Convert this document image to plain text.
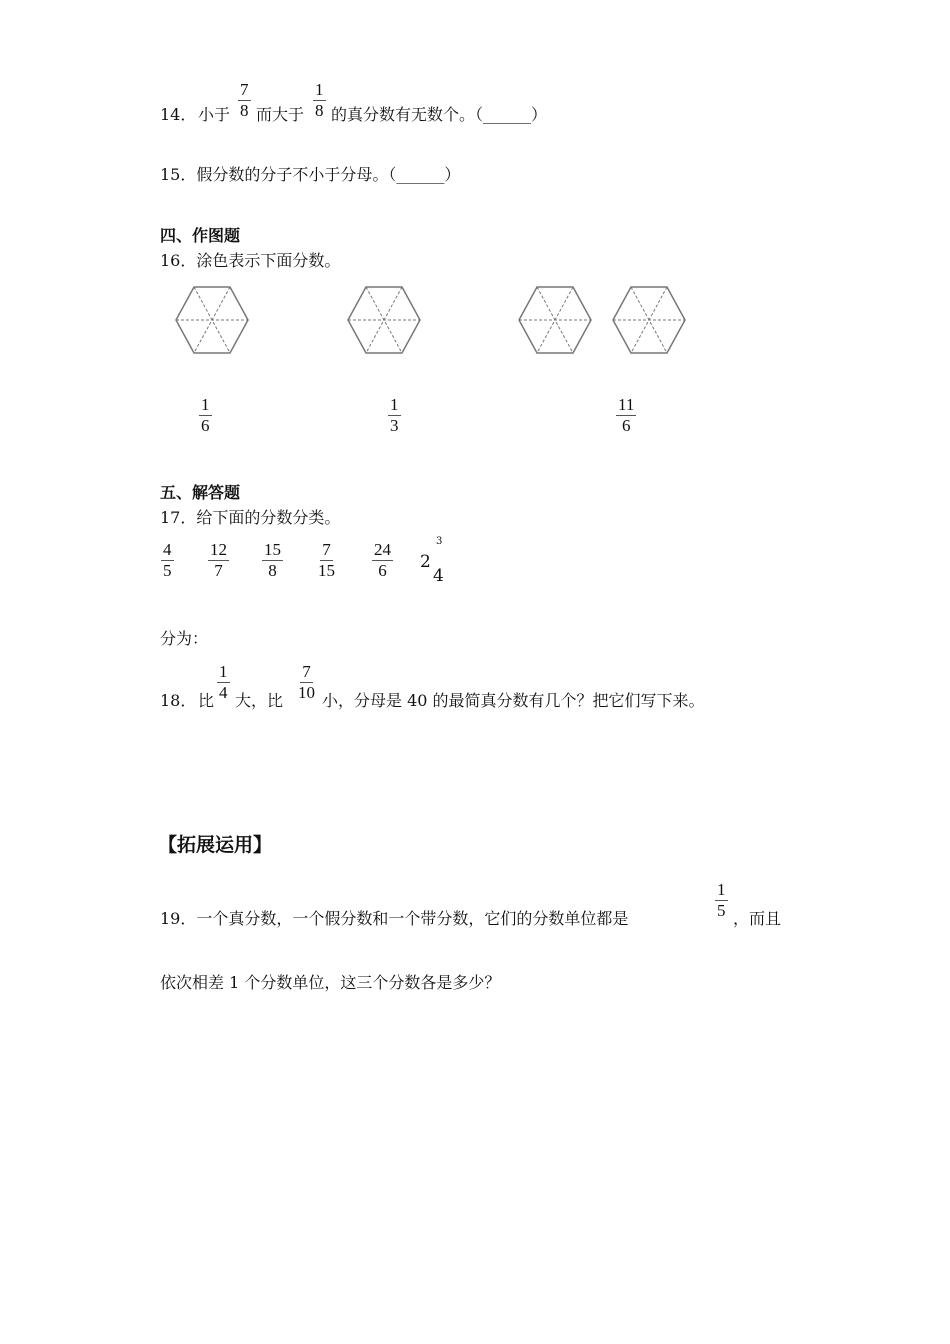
14． 小于 $\frac{7}{8}$ 而大于 $\frac{1}{8}$ 的真分数有无数个。（______）
15．假分数的分子不小于分母。（______）
四、作图题
16．涂色表示下面分数。
$\frac{1}{6}$	$\frac{1}{3}$	$\frac{11}{6}$
五、解答题
17．给下面的分数分类。
$\frac{4}{5} \frac{12}{7} \frac{15}{8} \frac{7}{15} \frac{24}{6} 2$
3
4
分为：
18． 比 $\frac{1}{4}$ 大，比 $\frac{7}{10}$ 小，分母是 40 的最简真分数有几个？把它们写下来。
【拓展运用】
19．一个真分数，一个假分数和一个带分数，它们的分数单位都是	$\frac{1}{5}$ ，而且
依次相差 1 个分数单位，这三个分数各是多少？
